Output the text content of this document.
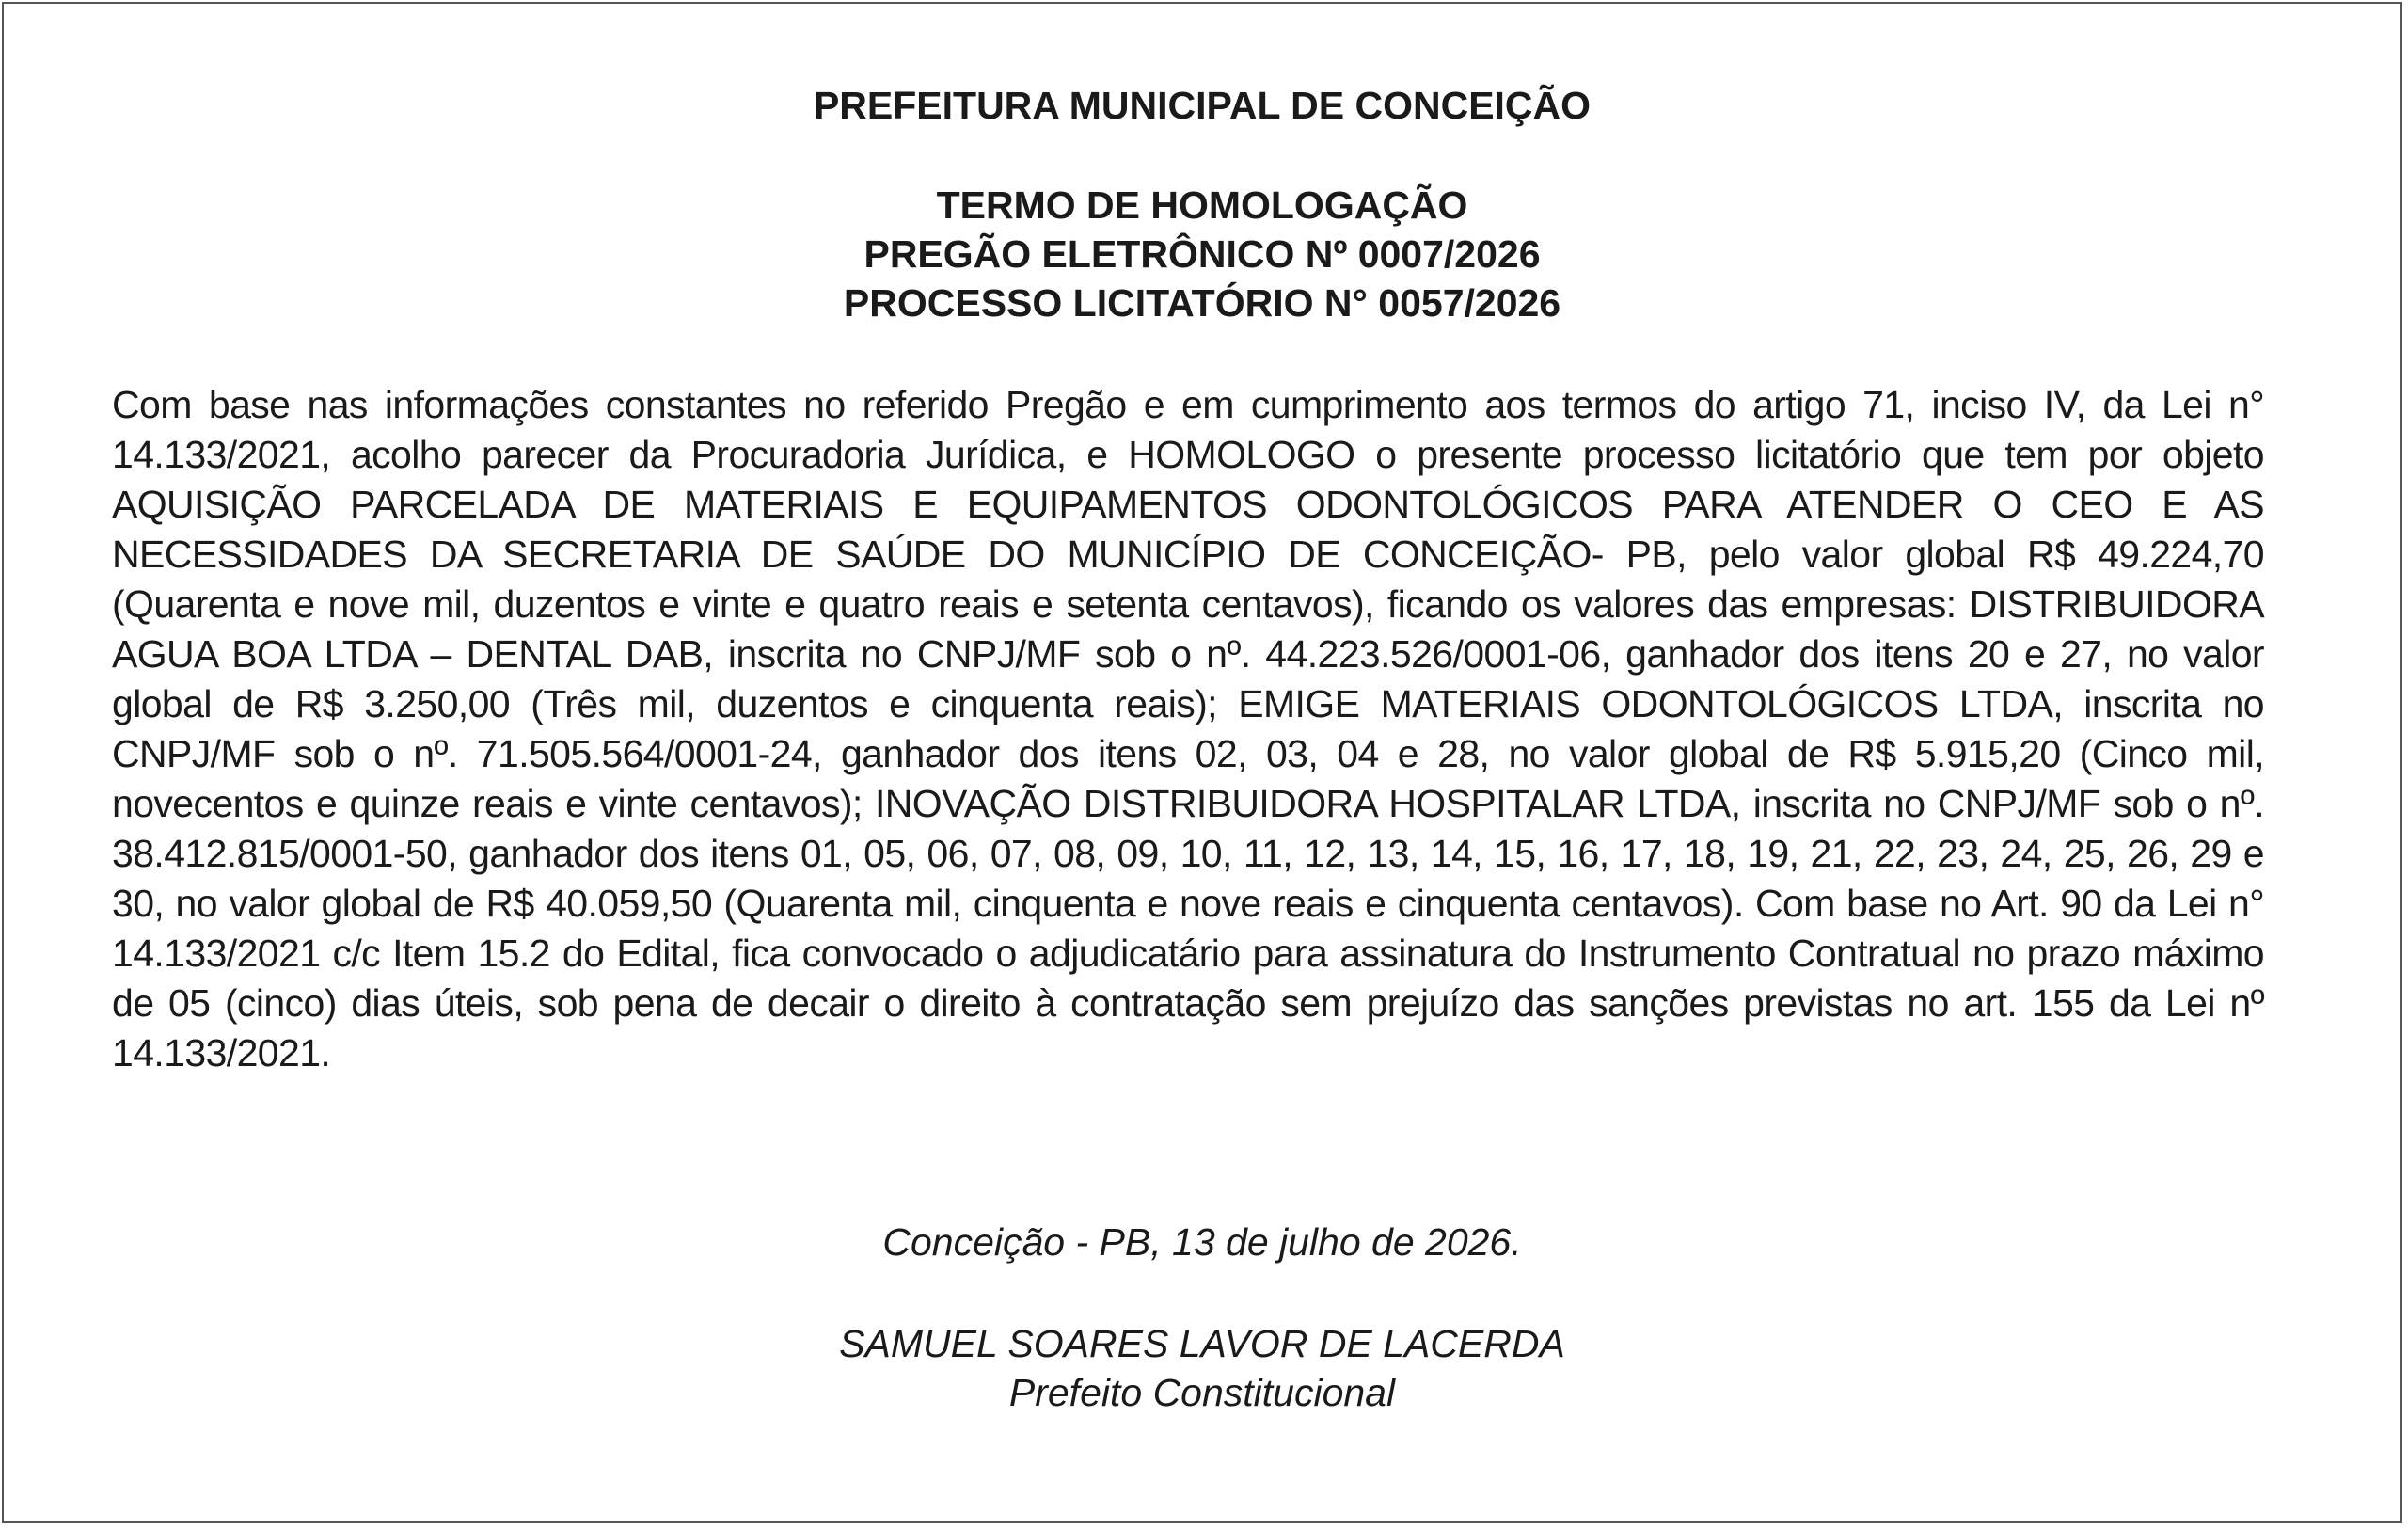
PREFEITURA MUNICIPAL DE CONCEIÇÃO

TERMO DE HOMOLOGAÇÃO

PREGÃO ELETRÔNICO Nº 0007/2026

PROCESSO LICITATÓRIO N° 0057/2026

Com base nas informações constantes no referido Pregão e em cumprimento aos termos do artigo 71, inciso IV, da Lei n° 14.133/2021, acolho parecer da Procuradoria Jurídica, e HOMOLOGO o presente processo licitatório que tem por objeto AQUISIÇÃO PARCELADA DE MATERIAIS E EQUIPAMENTOS ODONTOLÓGICOS PARA ATENDER O CEO E AS NECESSIDADES DA SECRETARIA DE SAÚDE DO MUNICÍPIO DE CONCEIÇÃO- PB, pelo valor global R$ 49.224,70 (Quarenta e nove mil, duzentos e vinte e quatro reais e setenta centavos), ficando os valores das empresas: DISTRIBUIDORA AGUA BOA LTDA – DENTAL DAB, inscrita no CNPJ/MF sob o nº. 44.223.526/0001-06, ganhador dos itens 20 e 27, no valor global de R$ 3.250,00 (Três mil, duzentos e cinquenta reais); EMIGE MATERIAIS ODONTOLÓGICOS LTDA, inscrita no CNPJ/MF sob o nº. 71.505.564/0001-24, ganhador dos itens 02, 03, 04 e 28, no valor global de R$ 5.915,20 (Cinco mil, novecentos e quinze reais e vinte centavos); INOVAÇÃO DISTRIBUIDORA HOSPITALAR LTDA, inscrita no CNPJ/MF sob o nº. 38.412.815/0001-50, ganhador dos itens 01, 05, 06, 07, 08, 09, 10, 11, 12, 13, 14, 15, 16, 17, 18, 19, 21, 22, 23, 24, 25, 26, 29 e 30, no valor global de R$ 40.059,50 (Quarenta mil, cinquenta e nove reais e cinquenta centavos). Com base no Art. 90 da Lei n° 14.133/2021 c/c Item 15.2 do Edital, fica convocado o adjudicatário para assinatura do Instrumento Contratual no prazo máximo de 05 (cinco) dias úteis, sob pena de decair o direito à contratação sem prejuízo das sanções previstas no art. 155 da Lei nº 14.133/2021.

Conceição - PB, 13 de julho de 2026.

SAMUEL SOARES LAVOR DE LACERDA

Prefeito Constitucional
